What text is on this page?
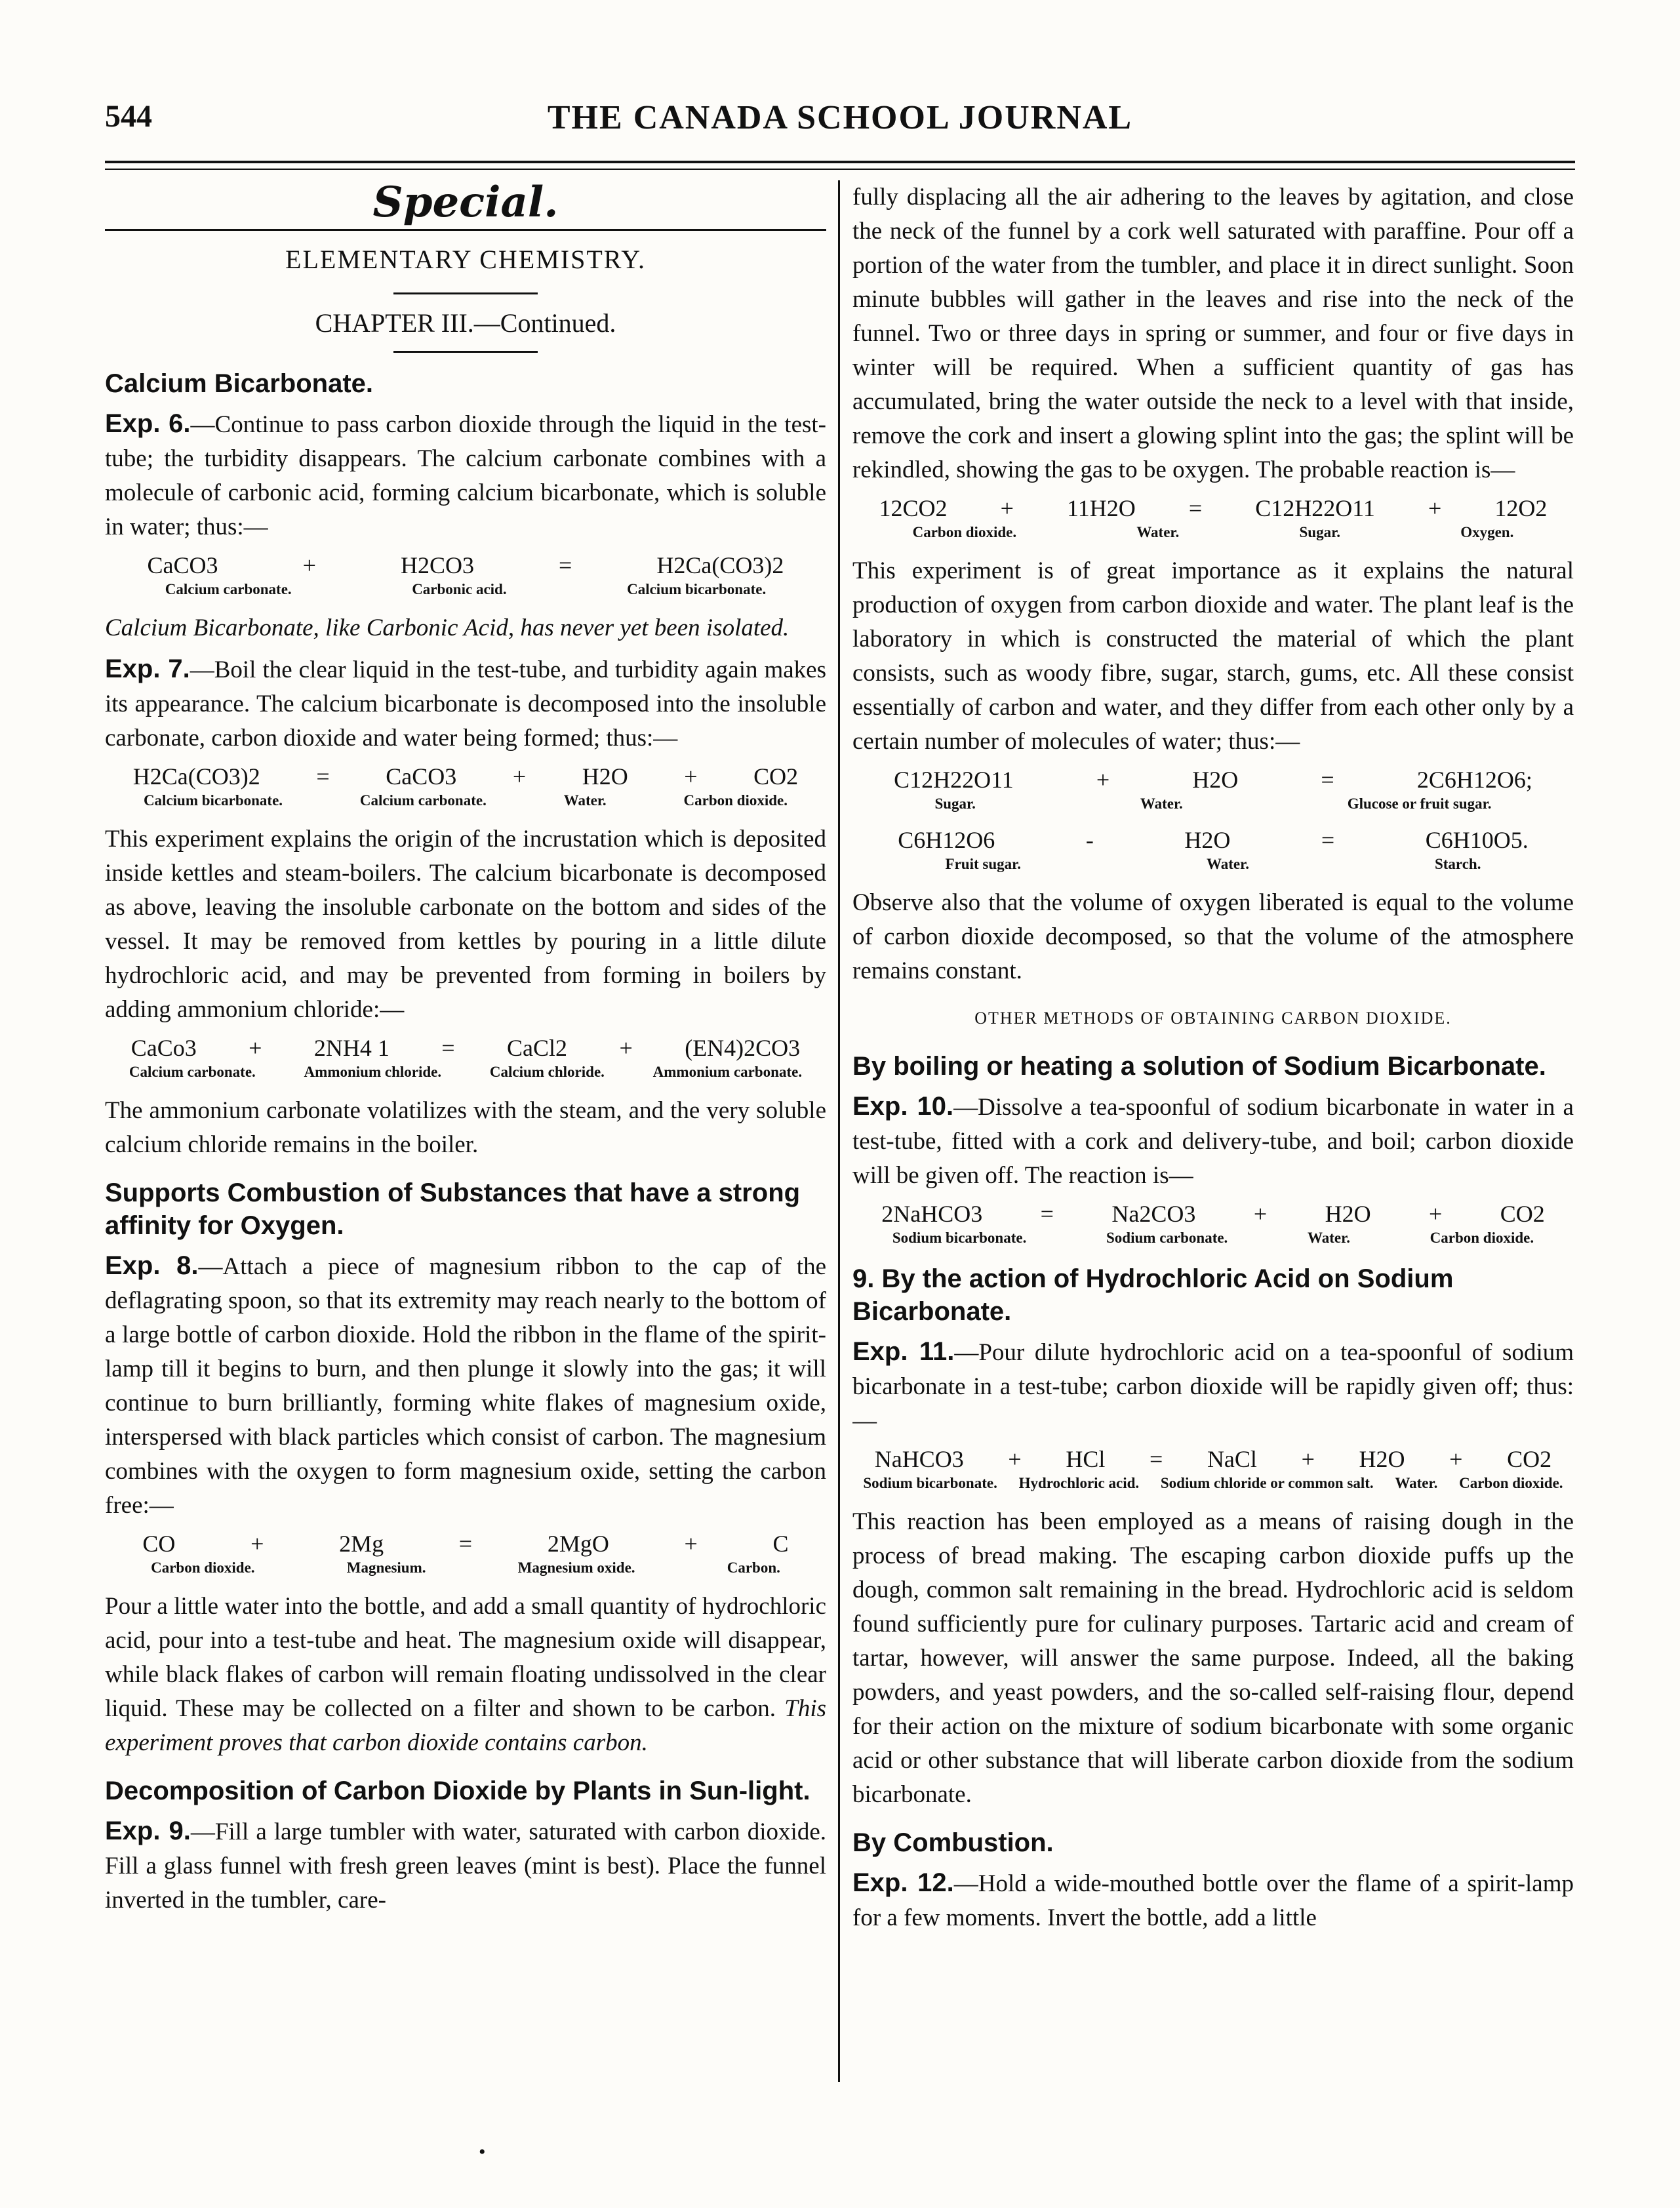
544	THE CANADA SCHOOL JOURNAL
Special.
ELEMENTARY CHEMISTRY.
CHAPTER III.—Continued.
Calcium Bicarbonate.

Exp. 6.—Continue to pass carbon dioxide through the liquid in the test-tube; the turbidity disappears. The calcium carbonate combines with a molecule of carbonic acid, forming calcium bicarbonate, which is soluble in water; thus:—

CaCO3	+	H2CO3	=	H2Ca(CO3)2
Calcium carbonate.	Carbonic acid.	Calcium bicarbonate.

Calcium Bicarbonate, like Carbonic Acid, has never yet been isolated.

Exp. 7.—Boil the clear liquid in the test-tube, and turbidity again makes its appearance. The calcium bicarbonate is decomposed into the insoluble carbonate, carbon dioxide and water being formed; thus:—

H2Ca(CO3)2 = CaCO3 + H2O + CO2
Calcium bicarbonate.	Calcium carbonate.	Water.	Carbon dioxide.

This experiment explains the origin of the incrustation which is deposited inside kettles and steam-boilers. The calcium bicarbonate is decomposed as above, leaving the insoluble carbonate on the bottom and sides of the vessel. It may be removed from kettles by pouring in a little dilute hydrochloric acid, and may be prevented from forming in boilers by adding ammonium chloride:—

CaCo3 + 2NH4 1 = CaCl2 + (EN4)2CO3
Calcium carbonate.	Ammonium chloride.	Calcium chloride.	Ammonium carbonate.

The ammonium carbonate volatilizes with the steam, and the very soluble calcium chloride remains in the boiler.

Supports Combustion of Substances that have a strong affinity for Oxygen.

Exp. 8.—Attach a piece of magnesium ribbon to the cap of the deflagrating spoon, so that its extremity may reach nearly to the bottom of a large bottle of carbon dioxide. Hold the ribbon in the flame of the spirit-lamp till it begins to burn, and then plunge it slowly into the gas; it will continue to burn brilliantly, forming white flakes of magnesium oxide, interspersed with black particles which consist of carbon. The magnesium combines with the oxygen to form magnesium oxide, setting the carbon free:—

CO	+	2Mg	=	2MgO	+	C
Carbon dioxide.	Magnesium.	Magnesium oxide.	Carbon.

Pour a little water into the bottle, and add a small quantity of hydrochloric acid, pour into a test-tube and heat. The magnesium oxide will disappear, while black flakes of carbon will remain floating undissolved in the clear liquid. These may be collected on a filter and shown to be carbon. This experiment proves that carbon dioxide contains carbon.

Decomposition of Carbon Dioxide by Plants in Sun-light.

Exp. 9.—Fill a large tumbler with water, saturated with carbon dioxide. Fill a glass funnel with fresh green leaves (mint is best). Place the funnel inverted in the tumbler, care-

fully displacing all the air adhering to the leaves by agitation, and close the neck of the funnel by a cork well saturated with paraffine. Pour off a portion of the water from the tumbler, and place it in direct sunlight. Soon minute bubbles will gather in the leaves and rise into the neck of the funnel. Two or three days in spring or summer, and four or five days in winter will be required. When a sufficient quantity of gas has accumulated, bring the water outside the neck to a level with that inside, remove the cork and insert a glowing splint into the gas; the splint will be rekindled, showing the gas to be oxygen. The probable reaction is—

12CO2 + 11H2O = C12H22O11 + 12O2
Carbon dioxide.	Water.	Sugar.	Oxygen.

This experiment is of great importance as it explains the natural production of oxygen from carbon dioxide and water. The plant leaf is the laboratory in which is constructed the material of which the plant consists, such as woody fibre, sugar, starch, gums, etc. All these consist essentially of carbon and water, and they differ from each other only by a certain number of molecules of water; thus:—

C12H22O11	+	H2O	=	2C6H12O6;
Sugar.	Water.	Glucose or fruit sugar.
C6H12O6	-	H2O	=	C6H10O5.
Fruit sugar.	Water.	Starch.

Observe also that the volume of oxygen liberated is equal to the volume of carbon dioxide decomposed, so that the volume of the atmosphere remains constant.

OTHER METHODS OF OBTAINING CARBON DIOXIDE.
By boiling or heating a solution of Sodium Bicarbonate.

Exp. 10.—Dissolve a tea-spoonful of sodium bicarbonate in water in a test-tube, fitted with a cork and delivery-tube, and boil; carbon dioxide will be given off. The reaction is—

2NaHCO3 = Na2CO3 + H2O + CO2
Sodium bicarbonate.	Sodium carbonate.	Water.	Carbon dioxide.
9. By the action of Hydrochloric Acid on Sodium Bicarbonate.

Exp. 11.—Pour dilute hydrochloric acid on a tea-spoonful of sodium bicarbonate in a test-tube; carbon dioxide will be rapidly given off; thus:—

NaHCO3 + HCl = NaCl + H2O + CO2
Sodium bicarbonate. Hydrochloric acid. Sodium chloride or common salt. Water. Carbon dioxide.

This reaction has been employed as a means of raising dough in the process of bread making. The escaping carbon dioxide puffs up the dough, common salt remaining in the bread. Hydrochloric acid is seldom found sufficiently pure for culinary purposes. Tartaric acid and cream of tartar, however, will answer the same purpose. Indeed, all the baking powders, and yeast powders, and the so-called self-raising flour, depend for their action on the mixture of sodium bicarbonate with some organic acid or other substance that will liberate carbon dioxide from the sodium bicarbonate.

By Combustion.

Exp. 12.—Hold a wide-mouthed bottle over the flame of a spirit-lamp for a few moments. Invert the bottle, add a little

•
